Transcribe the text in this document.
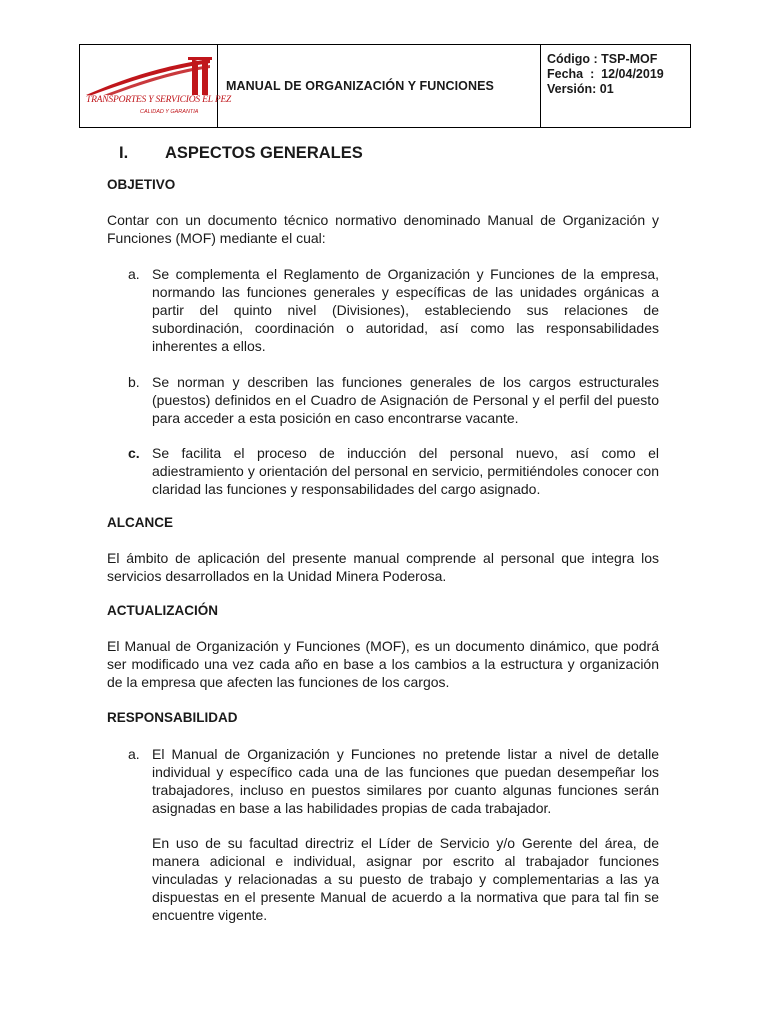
TRANSPORTES Y SERVICIOS EL PEZ
CALIDAD Y GARANTIA
MANUAL DE ORGANIZACIÓN Y FUNCIONES
Código : TSP-MOF
Fecha  :  12/04/2019
Versión: 01
I.	ASPECTOS GENERALES
OBJETIVO

Contar con un documento técnico normativo denominado Manual de Organización y Funciones (MOF) mediante el cual:

a. Se complementa el Reglamento de Organización y Funciones de la empresa, normando las funciones generales y específicas de las unidades orgánicas a partir del quinto nivel (Divisiones), estableciendo sus relaciones de subordinación, coordinación o autoridad, así como las responsabilidades inherentes a ellos.
b. Se norman y describen las funciones generales de los cargos estructurales (puestos) definidos en el Cuadro de Asignación de Personal y el perfil del puesto para acceder a esta posición en caso encontrarse vacante.
c. Se facilita el proceso de inducción del personal nuevo, así como el adiestramiento y orientación del personal en servicio, permitiéndoles conocer con claridad las funciones y responsabilidades del cargo asignado.
ALCANCE

El ámbito de aplicación del presente manual comprende al personal que integra los servicios desarrollados en la Unidad Minera Poderosa.

ACTUALIZACIÓN

El Manual de Organización y Funciones (MOF), es un documento dinámico, que podrá ser modificado una vez cada año en base a los cambios a la estructura y organización de la empresa que afecten las funciones de los cargos.

RESPONSABILIDAD
a. El Manual de Organización y Funciones no pretende listar a nivel de detalle individual y específico cada una de las funciones que puedan desempeñar los trabajadores, incluso en puestos similares por cuanto algunas funciones serán asignadas en base a las habilidades propias de cada trabajador.

En uso de su facultad directriz el Líder de Servicio y/o Gerente del área, de manera adicional e individual, asignar por escrito al trabajador funciones vinculadas y relacionadas a su puesto de trabajo y complementarias a las ya dispuestas en el presente Manual de acuerdo a la normativa que para tal fin se encuentre vigente.
